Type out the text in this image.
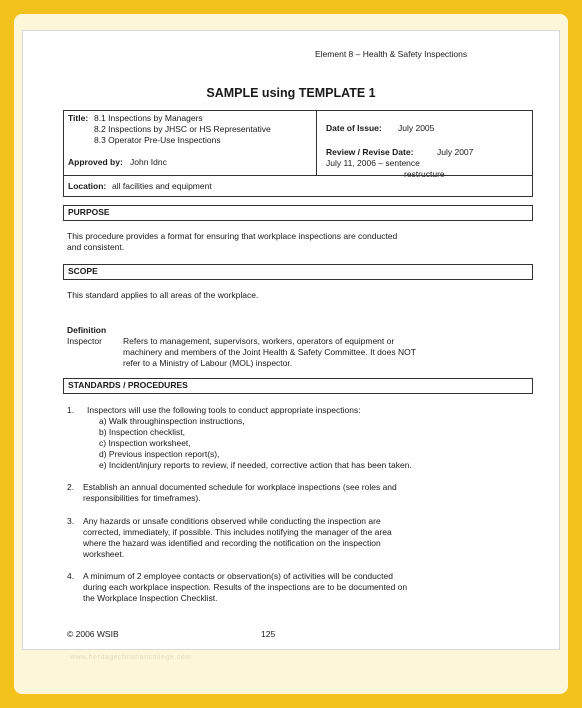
Element 8 – Health & Safety Inspections
SAMPLE using TEMPLATE 1
Title: 8.1 Inspections by Managers
8.2 Inspections by JHSC or HS Representative
8.3 Operator Pre-Use Inspections
Approved by: John Idnc
Date of Issue: July 2005
Review / Revise Date:	July 2007
July 11, 2006 – sentence
restructure
Location: all facilities and equipment
PURPOSE
This procedure provides a format for ensuring that workplace inspections are conducted
and consistent.
SCOPE
This standard applies to all areas of the workplace.
Definition
Inspector Refers to management, supervisors, workers, operators of equipment or
machinery and members of the Joint Health & Safety Committee. It does NOT
refer to a Ministry of Labour (MOL) inspector.
STANDARDS / PROCEDURES
1. Inspectors will use the following tools to conduct appropriate inspections:
a) Walk throughinspection instructions,
b) Inspection checklist,
c) Inspection worksheet,
d) Previous inspection report(s),
e) Incident/injury reports to review, if needed, corrective action that has been taken.
2. Establish an annual documented schedule for workplace inspections (see roles and
responsibilities for timeframes).
3. Any hazards or unsafe conditions observed while conducting the inspection are
corrected, immediately, if possible. This includes notifying the manager of the area
where the hazard was identified and recording the notification on the inspection
worksheet.
4. A minimum of 2 employee contacts or observation(s) of activities will be conducted
during each workplace inspection. Results of the inspections are to be documented on
the Workplace Inspection Checklist.
© 2006 WSIB	125
www.heritagechristiancollege.com
